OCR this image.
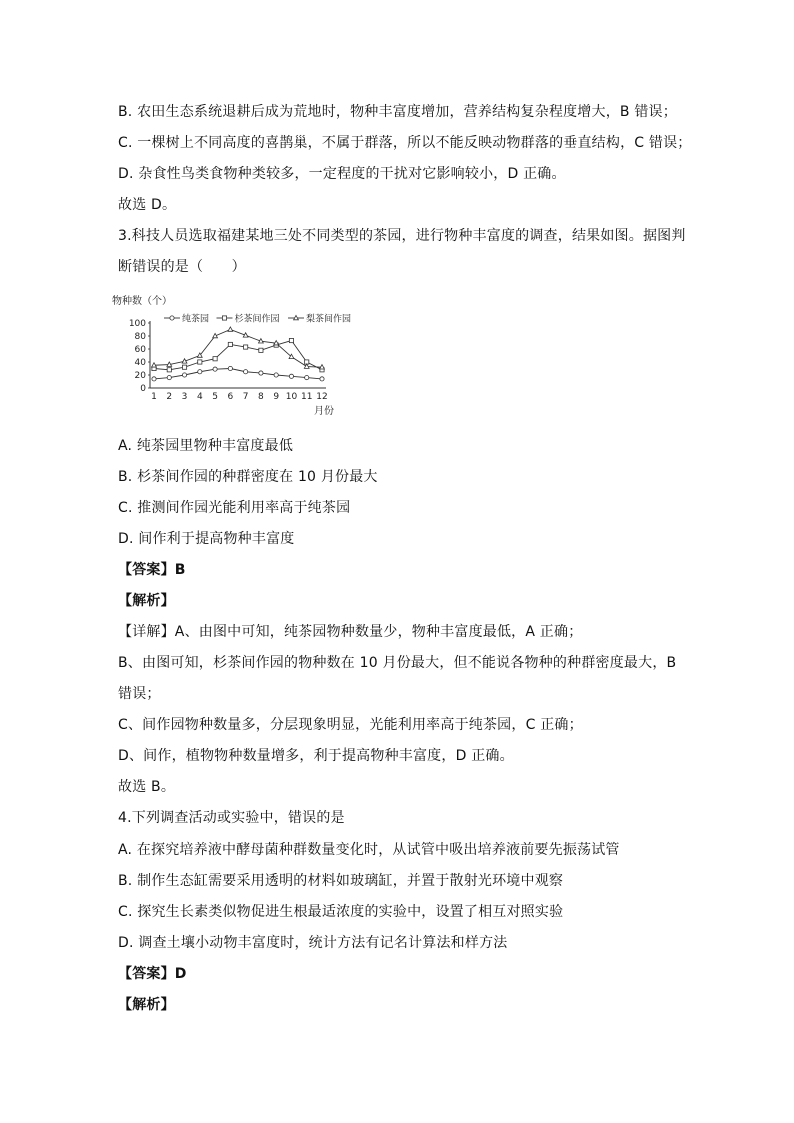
B. 农田生态系统退耕后成为荒地时，物种丰富度增加，营养结构复杂程度增大，B 错误；
C. 一棵树上不同高度的喜鹊巢，不属于群落，所以不能反映动物群落的垂直结构，C 错误；
D. 杂食性鸟类食物种类较多，一定程度的干扰对它影响较小，D 正确。
故选 D。
3.科技人员选取福建某地三处不同类型的茶园，进行物种丰富度的调查，结果如图。据图判
断错误的是（　　）
物种数（个）
纯茶园	杉茶间作园	梨茶间作园
0
20
40
60
80
100
1 2 3 4 5 6 7 8 9 10 11 12
月份
A. 纯茶园里物种丰富度最低
B. 杉茶间作园的种群密度在 10 月份最大
C. 推测间作园光能利用率高于纯茶园
D. 间作利于提高物种丰富度
【答案】B
【解析】
【详解】A、由图中可知，纯茶园物种数量少，物种丰富度最低，A 正确；
B、由图可知，杉茶间作园的物种数在 10 月份最大，但不能说各物种的种群密度最大，B
错误；
C、间作园物种数量多，分层现象明显，光能利用率高于纯茶园，C 正确；
D、间作，植物物种数量增多，利于提高物种丰富度，D 正确。
故选 B。
4.下列调查活动或实验中，错误的是
A. 在探究培养液中酵母菌种群数量变化时，从试管中吸出培养液前要先振荡试管
B. 制作生态缸需要采用透明的材料如玻璃缸，并置于散射光环境中观察
C. 探究生长素类似物促进生根最适浓度的实验中，设置了相互对照实验
D. 调查土壤小动物丰富度时，统计方法有记名计算法和样方法
【答案】D
【解析】
